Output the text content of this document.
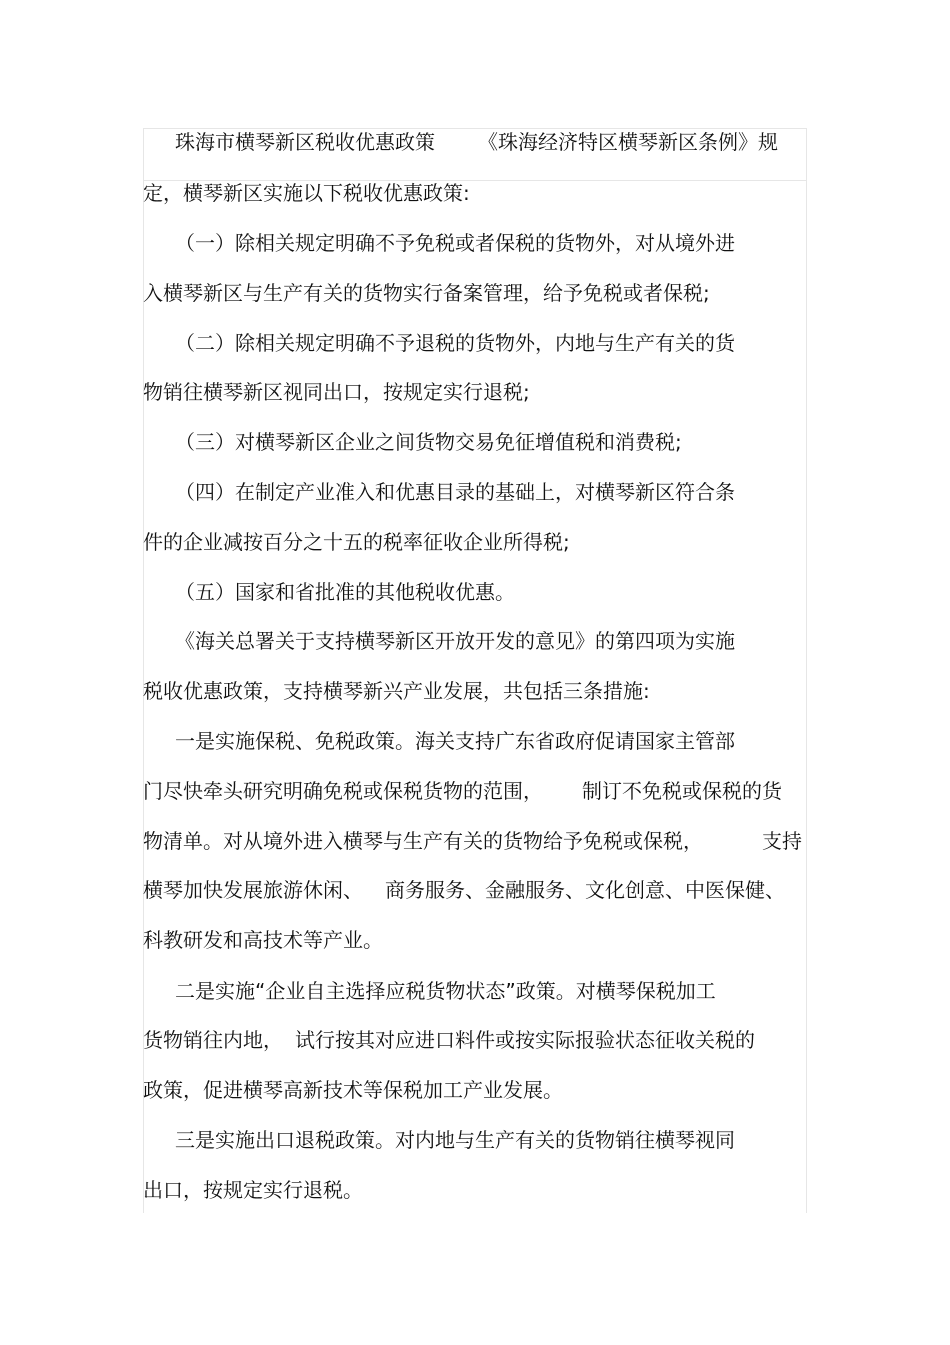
珠海市横琴新区税收优惠政策 《珠海经济特区横琴新区条例》规
定，横琴新区实施以下税收优惠政策:
（一）除相关规定明确不予免税或者保税的货物外，对从境外进
入横琴新区与生产有关的货物实行备案管理，给予免税或者保税;
（二）除相关规定明确不予退税的货物外，内地与生产有关的货
物销往横琴新区视同出口，按规定实行退税;
（三）对横琴新区企业之间货物交易免征增值税和消费税;
（四）在制定产业准入和优惠目录的基础上，对横琴新区符合条
件的企业减按百分之十五的税率征收企业所得税;
（五）国家和省批准的其他税收优惠。
《海关总署关于支持横琴新区开放开发的意见》的第四项为实施
税收优惠政策，支持横琴新兴产业发展，共包括三条措施:
一是实施保税、免税政策。海关支持广东省政府促请国家主管部
门尽快牵头研究明确免税或保税货物的范围， 制订不免税或保税的货
物清单。对从境外进入横琴与生产有关的货物给予免税或保税，	支持
横琴加快发展旅游休闲、 商务服务、金融服务、文化创意、中医保健、
科教研发和高技术等产业。
二是实施“企业自主选择应税货物状态”政策。对横琴保税加工
货物销往内地， 试行按其对应进口料件或按实际报验状态征收关税的
政策，促进横琴高新技术等保税加工产业发展。
三是实施出口退税政策。对内地与生产有关的货物销往横琴视同
出口，按规定实行退税。
